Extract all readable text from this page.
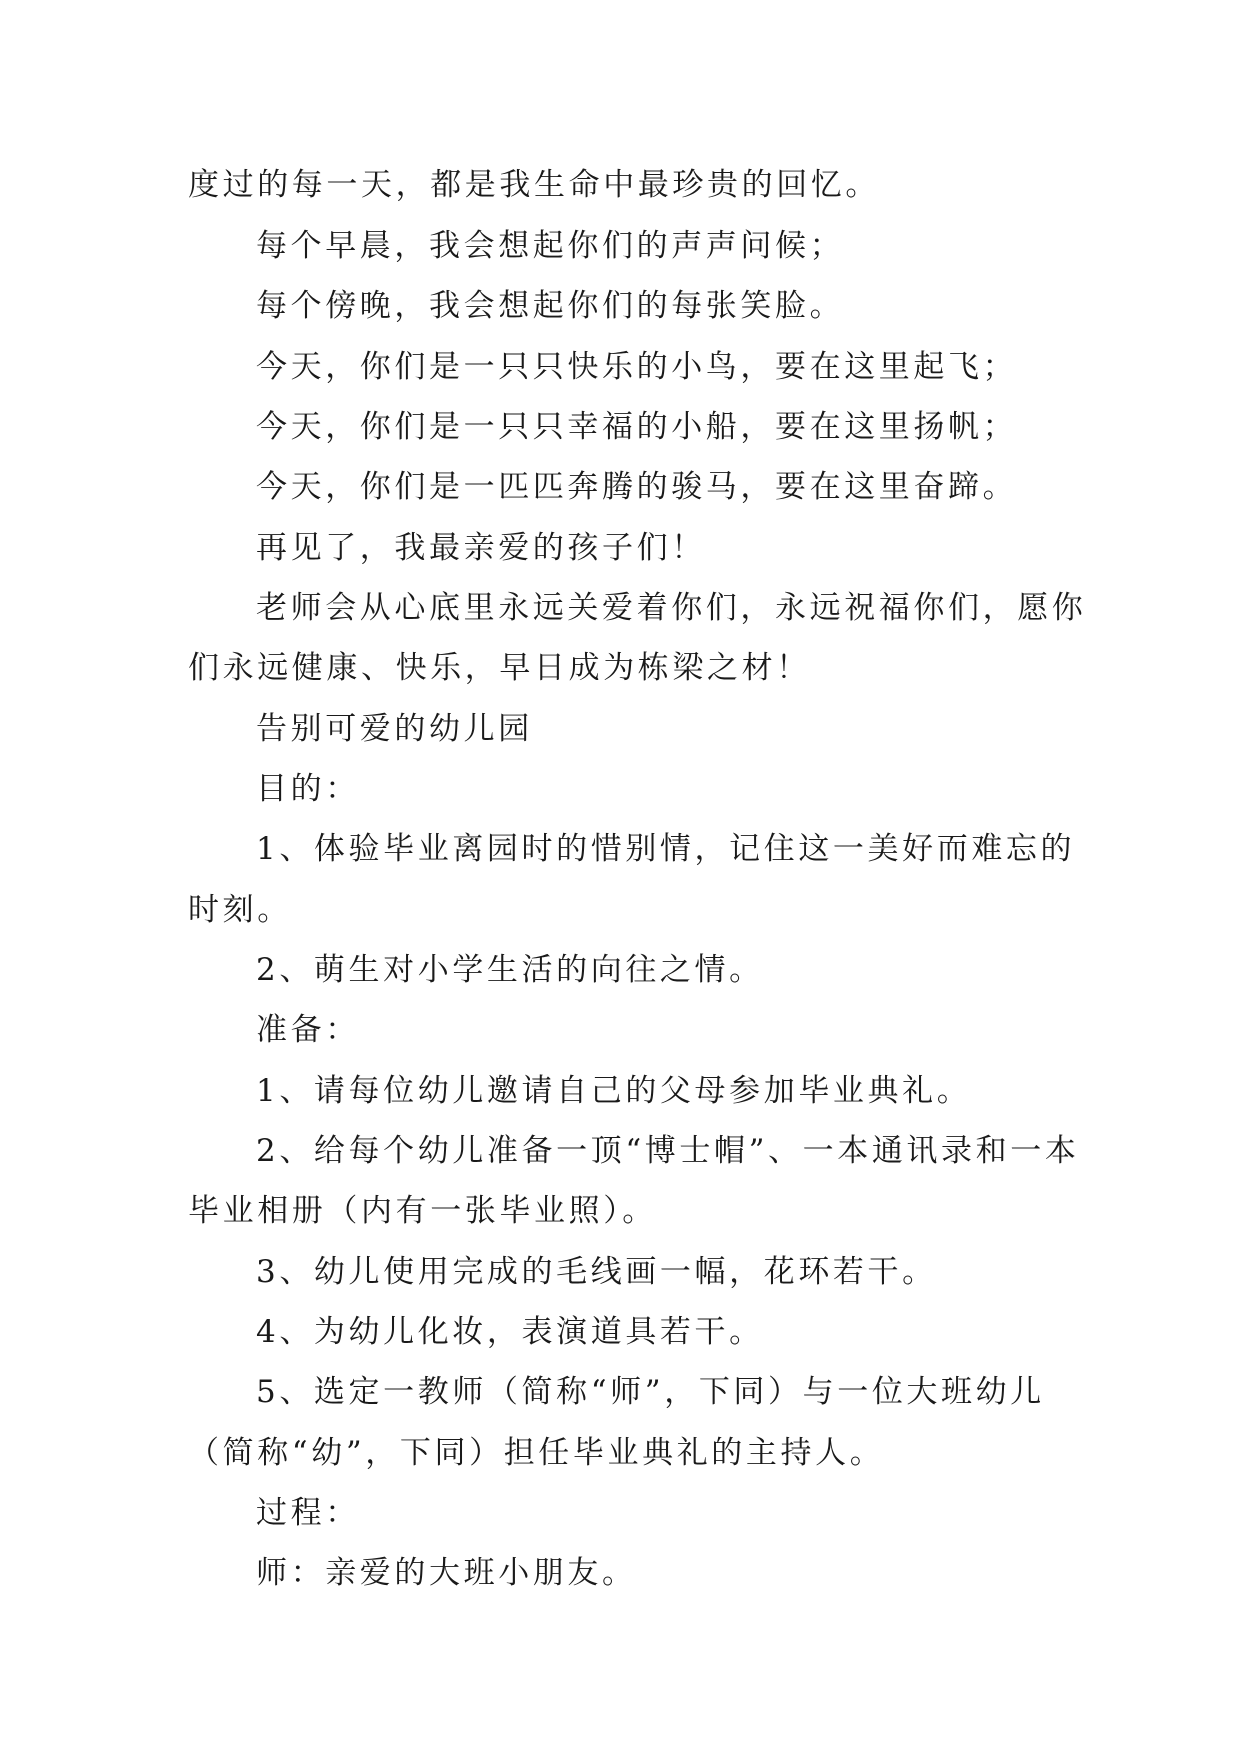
度过的每一天，都是我生命中最珍贵的回忆。
每个早晨，我会想起你们的声声问候；
每个傍晚，我会想起你们的每张笑脸。
今天，你们是一只只快乐的小鸟，要在这里起飞；
今天，你们是一只只幸福的小船，要在这里扬帆；
今天，你们是一匹匹奔腾的骏马，要在这里奋蹄。
再见了，我最亲爱的孩子们！
老师会从心底里永远关爱着你们，永远祝福你们，愿你
们永远健康、快乐，早日成为栋梁之材！
告别可爱的幼儿园
目的：
1、体验毕业离园时的惜别情，记住这一美好而难忘的
时刻。
2、萌生对小学生活的向往之情。
准备：
1、请每位幼儿邀请自己的父母参加毕业典礼。
2、给每个幼儿准备一顶“博士帽”、一本通讯录和一本
毕业相册（内有一张毕业照）。
3、幼儿使用完成的毛线画一幅，花环若干。
4、为幼儿化妆，表演道具若干。
5、选定一教师（简称“师”，下同）与一位大班幼儿
（简称“幼”，下同）担任毕业典礼的主持人。
过程：
师：亲爱的大班小朋友。
